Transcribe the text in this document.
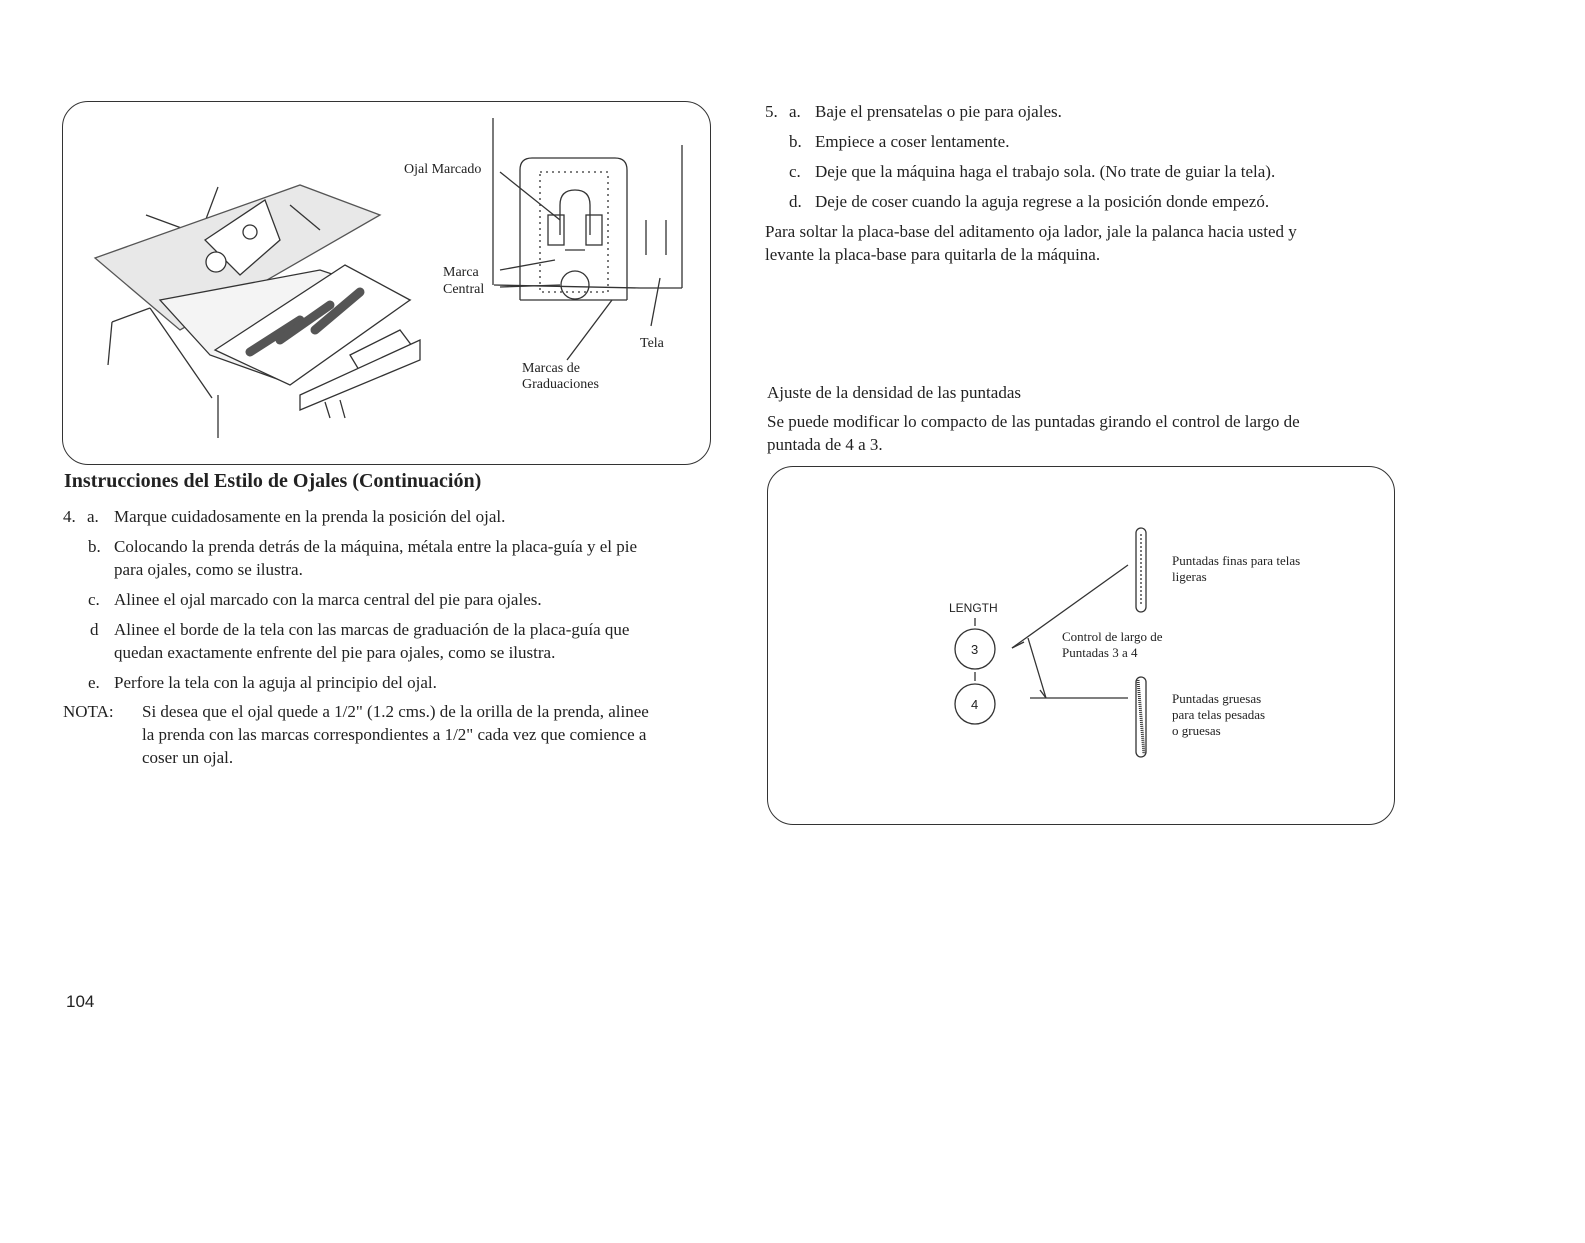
Ojal Marcado
Marca
Central
Tela
Marcas de
Graduaciones
Instrucciones del Estilo de Ojales (Continuación)
4. a. Marque cuidadosamente en la prenda la posición del ojal.
b. Colocando la prenda detrás de la máquina, métala entre la placa-guía y el pie
para ojales, como se ilustra.
c. Alinee el ojal marcado con la marca central del pie para ojales.
d Alinee el borde de la tela con las marcas de graduación de la placa-guía que
quedan exactamente enfrente del pie para ojales, como se ilustra.
e. Perfore la tela con la aguja al principio del ojal.
NOTA: Si desea que el ojal quede a 1/2" (1.2 cms.) de la orilla de la prenda, alinee
la prenda con las marcas correspondientes a 1/2" cada vez que comience a
coser un ojal.
5. a. Baje el prensatelas o pie para ojales.
b. Empiece a coser lentamente.
c. Deje que la máquina haga el trabajo sola. (No trate de guiar la tela).
d. Deje de coser cuando la aguja regrese a la posición donde empezó.
Para soltar la placa-base del aditamento oja lador, jale la palanca hacia usted y
levante la placa-base para quitarla de la máquina.
Ajuste de la densidad de las puntadas
Se puede modificar lo compacto de las puntadas girando el control de largo de
puntada de 4 a 3.
LENGTH
3
4
Puntadas finas para telas
ligeras
Control de largo de
Puntadas 3 a 4
Puntadas gruesas
para telas pesadas
o gruesas
104
